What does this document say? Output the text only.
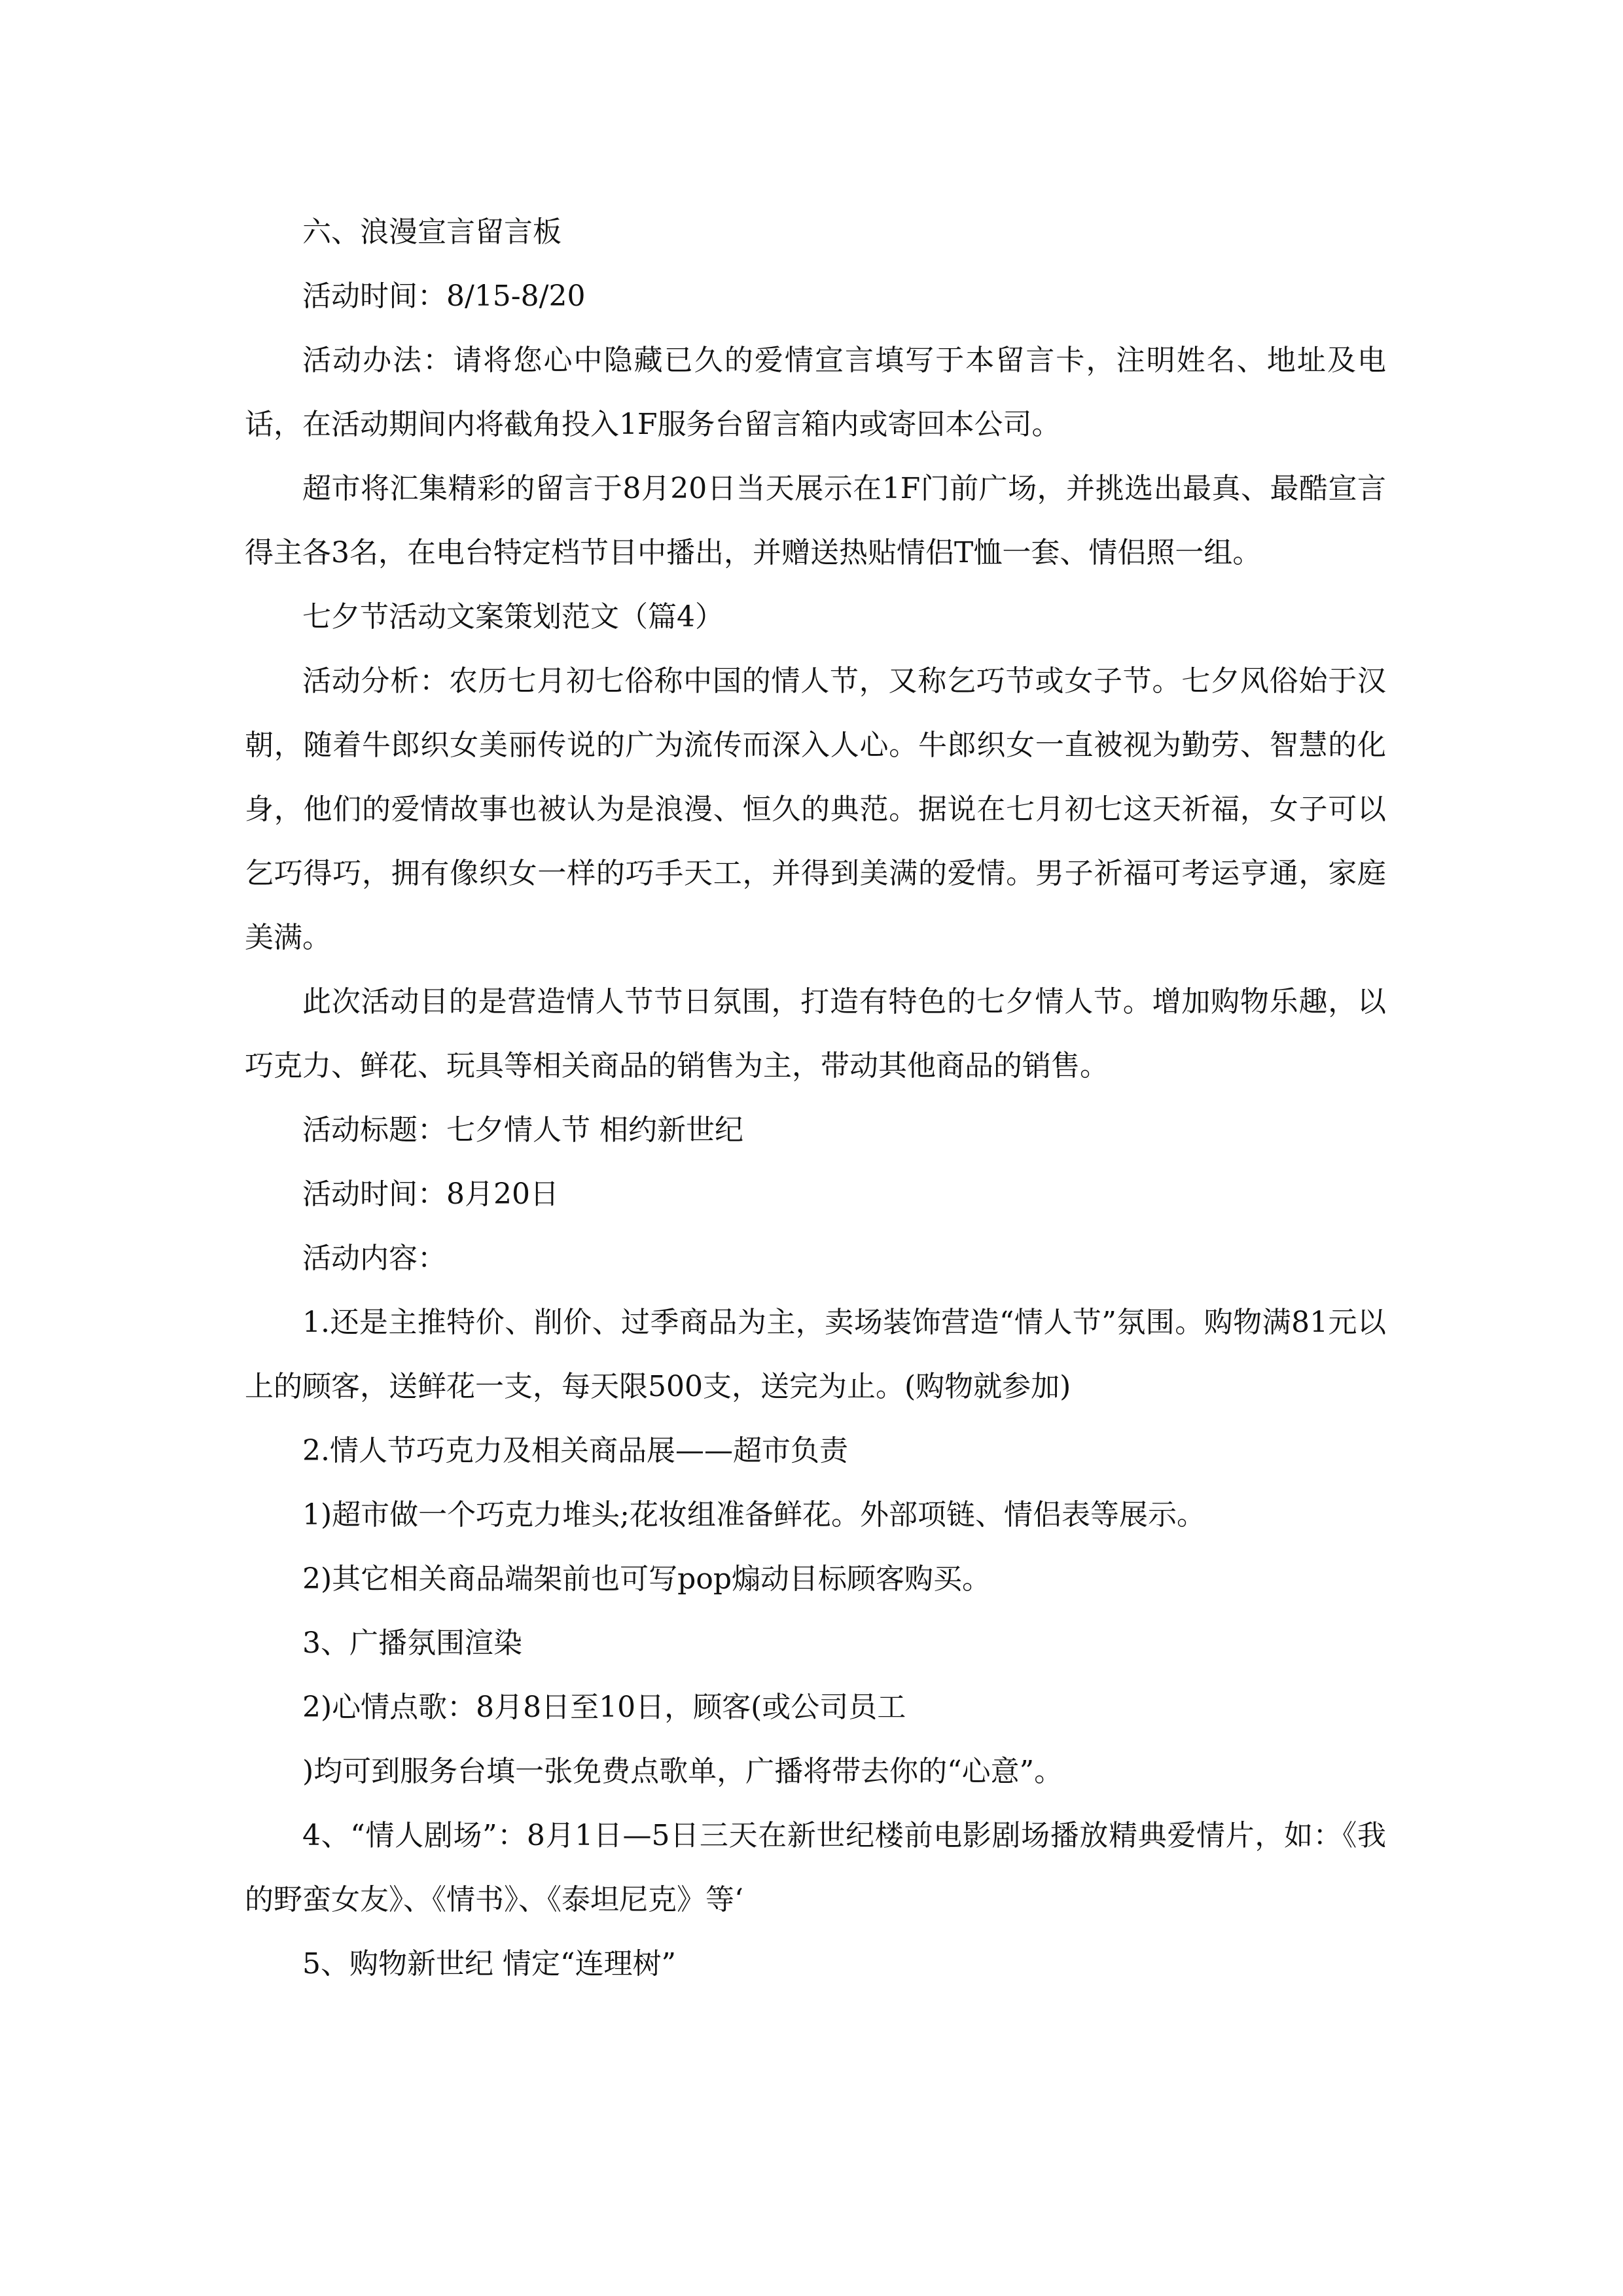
六、浪漫宣言留言板

活动时间：8/15-8/20

活动办法：请将您心中隐藏已久的爱情宣言填写于本留言卡，注明姓名、地址及电话，在活动期间内将截角投入1F服务台留言箱内或寄回本公司。

超市将汇集精彩的留言于8月20日当天展示在1F门前广场，并挑选出最真、最酷宣言得主各3名，在电台特定档节目中播出，并赠送热贴情侣T恤一套、情侣照一组。

七夕节活动文案策划范文（篇4）

活动分析：农历七月初七俗称中国的情人节，又称乞巧节或女子节。七夕风俗始于汉朝，随着牛郎织女美丽传说的广为流传而深入人心。牛郎织女一直被视为勤劳、智慧的化身，他们的爱情故事也被认为是浪漫、恒久的典范。据说在七月初七这天祈福，女子可以乞巧得巧，拥有像织女一样的巧手天工，并得到美满的爱情。男子祈福可考运亨通，家庭美满。

此次活动目的是营造情人节节日氛围，打造有特色的七夕情人节。增加购物乐趣，以巧克力、鲜花、玩具等相关商品的销售为主，带动其他商品的销售。

活动标题：七夕情人节 相约新世纪

活动时间：8月20日

活动内容：

1.还是主推特价、削价、过季商品为主，卖场装饰营造“情人节”氛围。购物满81元以上的顾客，送鲜花一支，每天限500支，送完为止。(购物就参加)

2.情人节巧克力及相关商品展——超市负责

1)超市做一个巧克力堆头;花妆组准备鲜花。外部项链、情侣表等展示。

2)其它相关商品端架前也可写pop煽动目标顾客购买。

3、广播氛围渲染

2)心情点歌：8月8日至10日，顾客(或公司员工

)均可到服务台填一张免费点歌单，广播将带去你的“心意”。

4、“情人剧场”：8月1日—5日三天在新世纪楼前电影剧场播放精典爱情片，如：《我的野蛮女友》、《情书》、《泰坦尼克》等‘

5、购物新世纪 情定“连理树”
